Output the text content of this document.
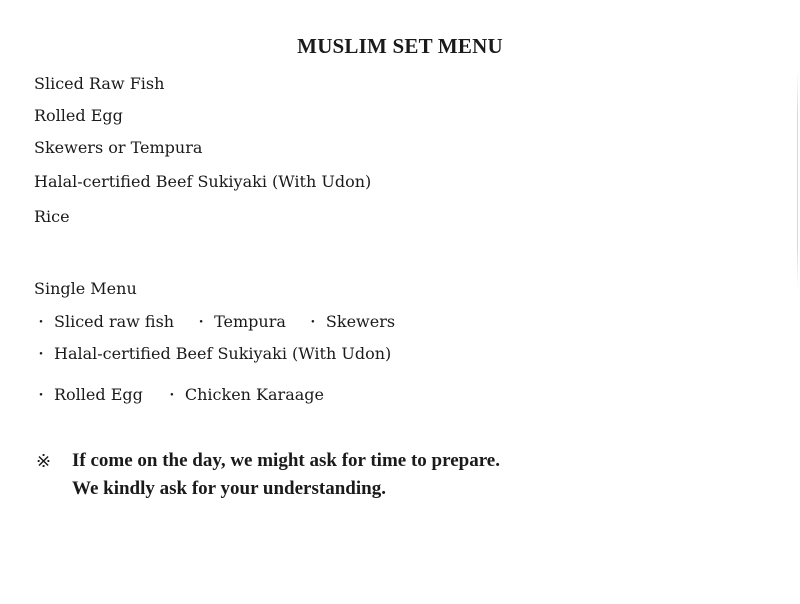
MUSLIM SET MENU
Sliced Raw Fish
Rolled Egg
Skewers or Tempura
Halal-certified Beef Sukiyaki (With Udon)
Rice
Single Menu
・ Sliced raw fish ・ Tempura ・ Skewers
・ Halal-certified Beef Sukiyaki (With Udon)
・ Rolled Egg ・ Chicken Karaage
※	If come on the day, we might ask for time to prepare.
We kindly ask for your understanding.
